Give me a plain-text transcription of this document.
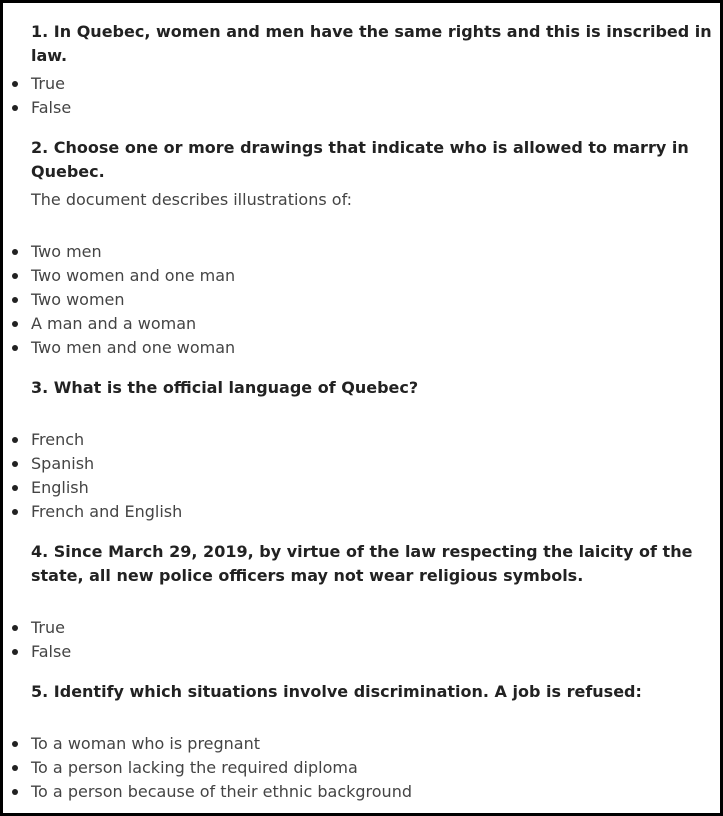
1. In Quebec, women and men have the same rights and this is inscribed in law.

True
False

2. Choose one or more drawings that indicate who is allowed to marry in Quebec.

The document describes illustrations of:

Two men
Two women and one man
Two women
A man and a woman
Two men and one woman

3. What is the official language of Quebec?

French
Spanish
English
French and English

4. Since March 29, 2019, by virtue of the law respecting the laicity of the state, all new police officers may not wear religious symbols.

True
False

5. Identify which situations involve discrimination. A job is refused:

To a woman who is pregnant
To a person lacking the required diploma
To a person because of their ethnic background
